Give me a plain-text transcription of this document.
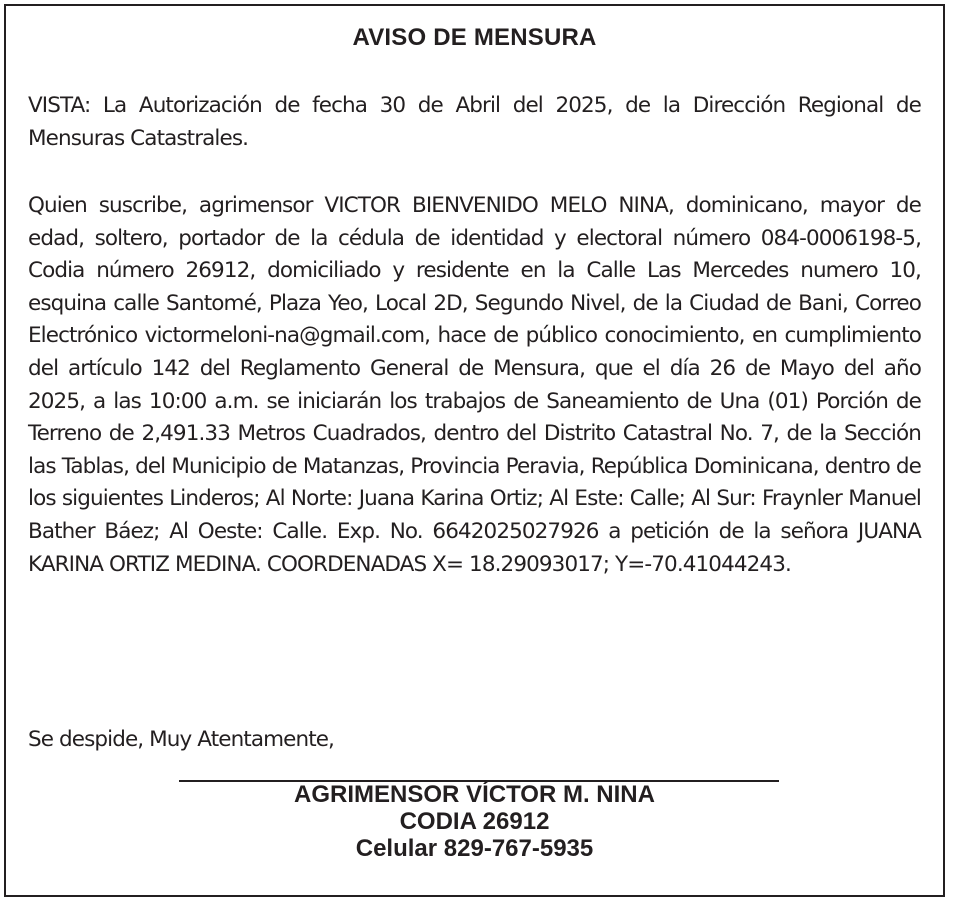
AVISO DE MENSURA

VISTA: La Autorización de fecha 30 de Abril del 2025, de la Dirección Regional de Mensuras Catastrales.

Quien suscribe, agrimensor VICTOR BIENVENIDO MELO NINA, dominicano, mayor de edad, soltero, portador de la cédula de identidad y electoral número 084-0006198-5, Codia número 26912, domiciliado y residente en la Calle Las Mercedes numero 10, esquina calle Santomé, Plaza Yeo, Local 2D, Segundo Nivel, de la Ciudad de Bani, Correo Electrónico victormeloni-na@gmail.com, hace de público conocimiento, en cumplimiento del artículo 142 del Reglamento General de Mensura, que el día 26 de Mayo del año 2025, a las 10:00 a.m. se iniciarán los trabajos de Saneamiento de Una (01) Porción de Terreno de 2,491.33 Metros Cuadrados, dentro del Distrito Catastral No. 7, de la Sección las Tablas, del Municipio de Matanzas, Provincia Peravia, República Dominicana, dentro de los siguientes Linderos; Al Norte: Juana Karina Ortiz; Al Este: Calle; Al Sur: Fraynler Manuel Bather Báez; Al Oeste: Calle. Exp. No. 6642025027926 a petición de la señora JUANA KARINA ORTIZ MEDINA. COORDENADAS X= 18.29093017; Y=-70.41044243.

Se despide, Muy Atentamente,

AGRIMENSOR VÍCTOR M. NINA
CODIA 26912
Celular 829-767-5935
